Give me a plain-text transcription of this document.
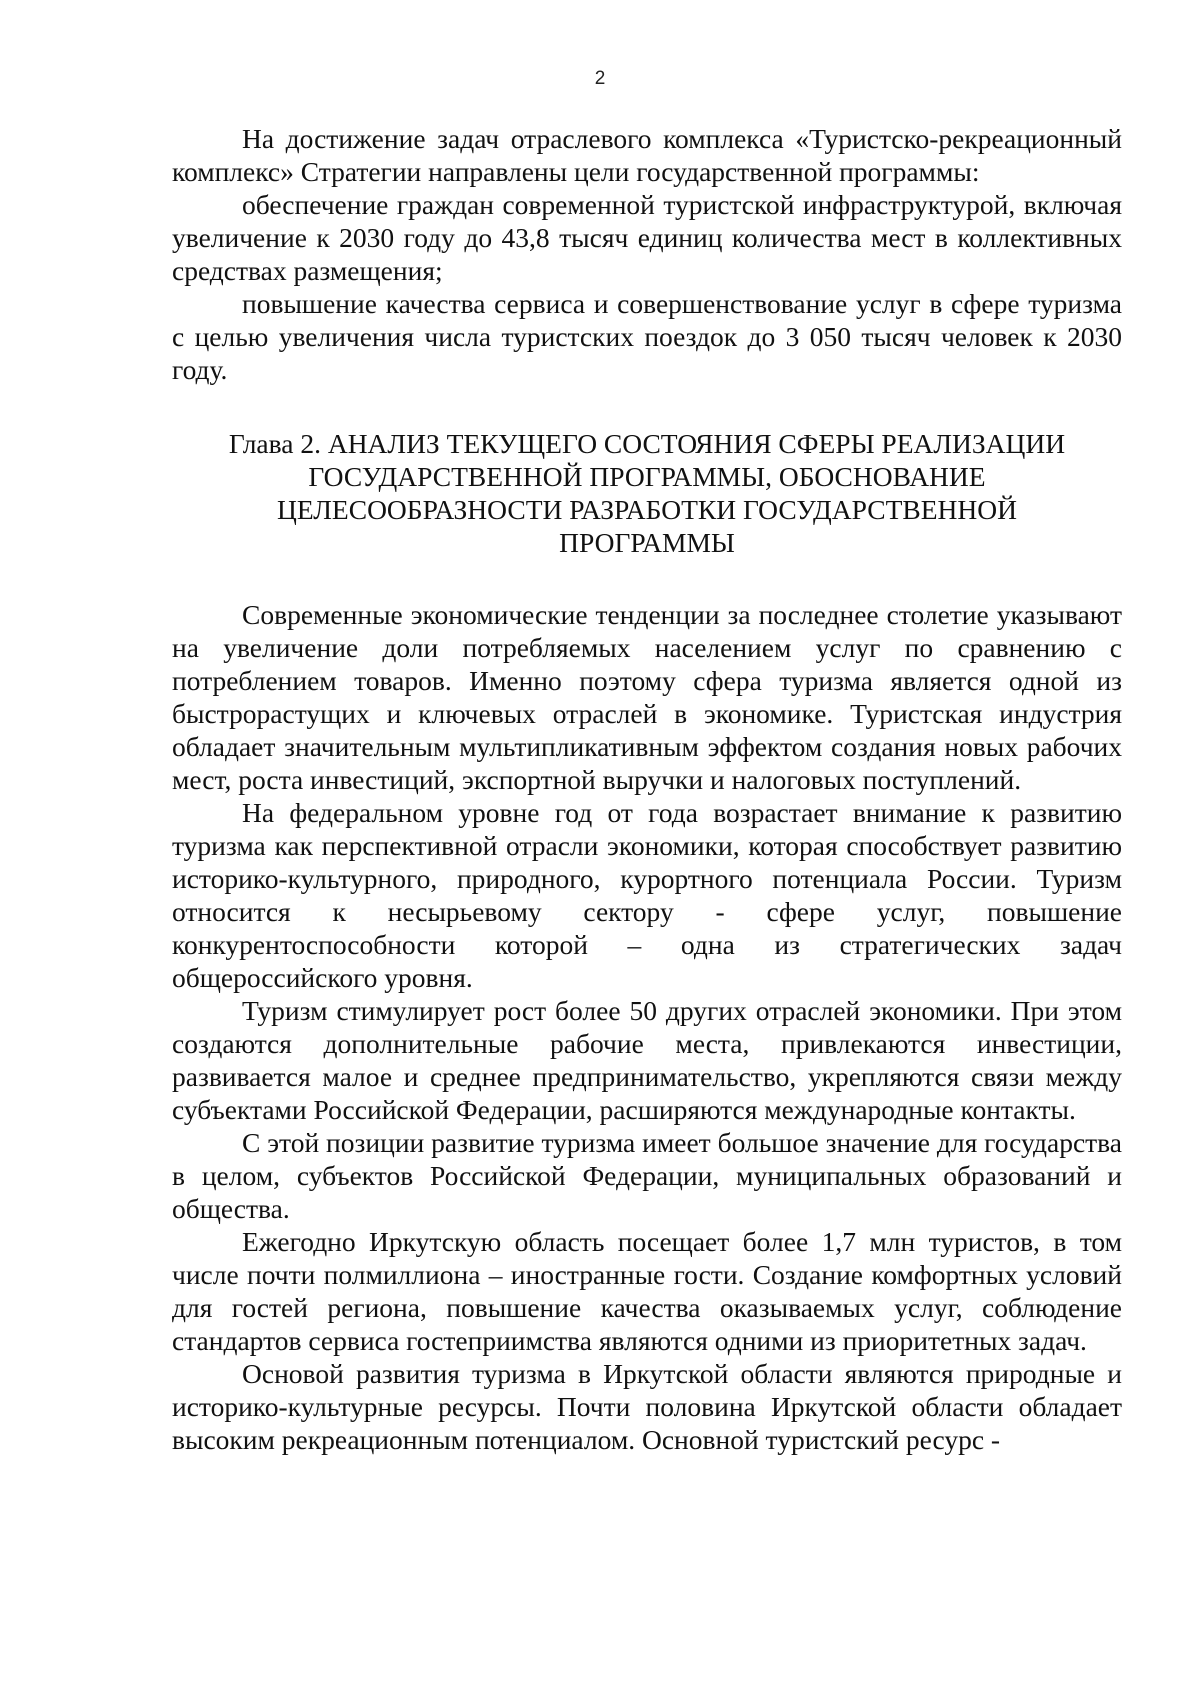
2

На достижение задач отраслевого комплекса «Туристско-рекреационный комплекс» Стратегии направлены цели государственной программы:

обеспечение граждан современной туристской инфраструктурой, включая увеличение к 2030 году до 43,8 тысяч единиц количества мест в коллективных средствах размещения;

повышение качества сервиса и совершенствование услуг в сфере туризма с целью увеличения числа туристских поездок до 3 050 тысяч человек к 2030 году.

Глава 2. АНАЛИЗ ТЕКУЩЕГО СОСТОЯНИЯ СФЕРЫ РЕАЛИЗАЦИИ
ГОСУДАРСТВЕННОЙ ПРОГРАММЫ, ОБОСНОВАНИЕ
ЦЕЛЕСООБРАЗНОСТИ РАЗРАБОТКИ ГОСУДАРСТВЕННОЙ
ПРОГРАММЫ

Современные экономические тенденции за последнее столетие указывают на увеличение доли потребляемых населением услуг по сравнению с потреблением товаров. Именно поэтому сфера туризма является одной из быстрорастущих и ключевых отраслей в экономике. Туристская индустрия обладает значительным мультипликативным эффектом создания новых рабочих мест, роста инвестиций, экспортной выручки и налоговых поступлений.

На федеральном уровне год от года возрастает внимание к развитию туризма как перспективной отрасли экономики, которая способствует развитию историко-культурного, природного, курортного потенциала России. Туризм относится к несырьевому сектору - сфере услуг, повышение конкурентоспособности которой – одна из стратегических задач общероссийского уровня.

Туризм стимулирует рост более 50 других отраслей экономики. При этом создаются дополнительные рабочие места, привлекаются инвестиции, развивается малое и среднее предпринимательство, укрепляются связи между субъектами Российской Федерации, расширяются международные контакты.

С этой позиции развитие туризма имеет большое значение для государства в целом, субъектов Российской Федерации, муниципальных образований и общества.

Ежегодно Иркутскую область посещает более 1,7 млн туристов, в том числе почти полмиллиона – иностранные гости. Создание комфортных условий для гостей региона, повышение качества оказываемых услуг, соблюдение стандартов сервиса гостеприимства являются одними из приоритетных задач.

Основой развития туризма в Иркутской области являются природные и историко-культурные ресурсы. Почти половина Иркутской области обладает высоким рекреационным потенциалом. Основной туристский ресурс -
